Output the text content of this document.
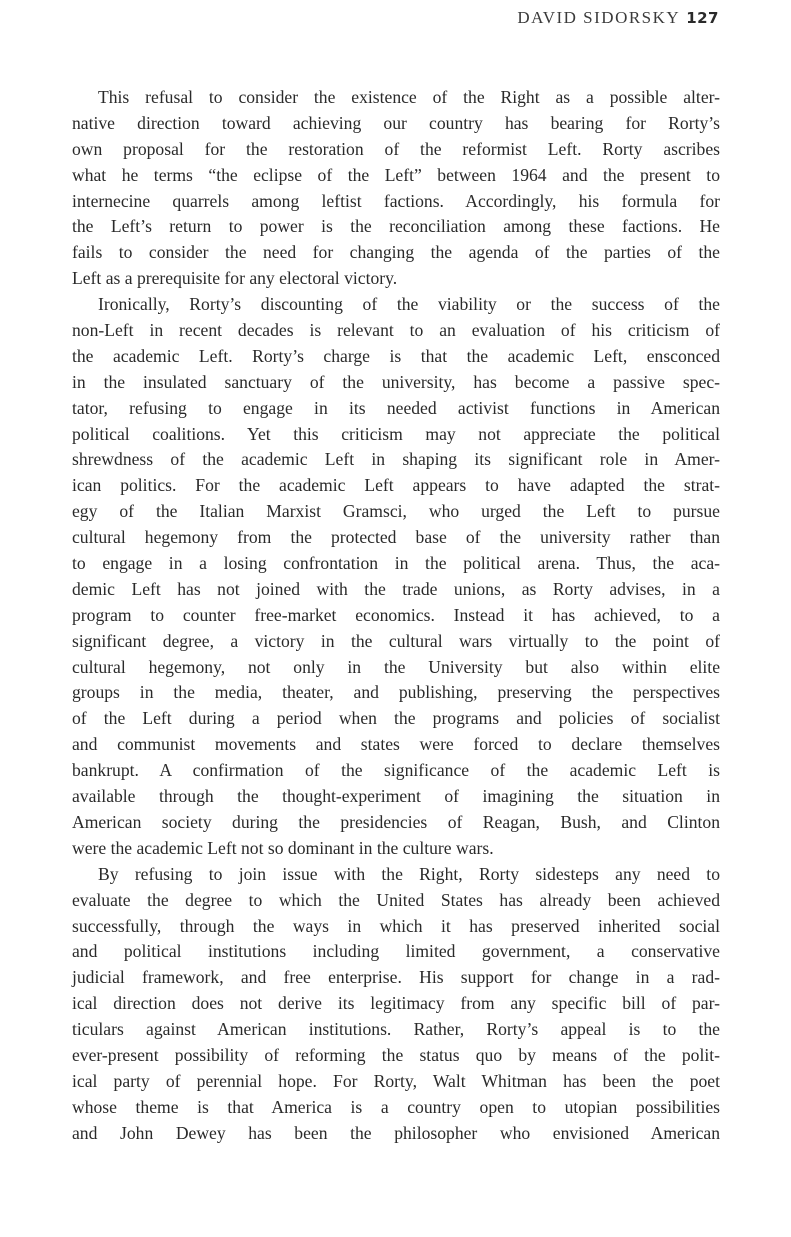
DAVID SIDORSKY 127
This refusal to consider the existence of the Right as a possible alter-
native direction toward achieving our country has bearing for Rorty’s
own proposal for the restoration of the reformist Left. Rorty ascribes
what he terms “the eclipse of the Left” between 1964 and the present to
internecine quarrels among leftist factions. Accordingly, his formula for
the Left’s return to power is the reconciliation among these factions. He
fails to consider the need for changing the agenda of the parties of the
Left as a prerequisite for any electoral victory.
Ironically, Rorty’s discounting of the viability or the success of the
non-Left in recent decades is relevant to an evaluation of his criticism of
the academic Left. Rorty’s charge is that the academic Left, ensconced
in the insulated sanctuary of the university, has become a passive spec-
tator, refusing to engage in its needed activist functions in American
political coalitions. Yet this criticism may not appreciate the political
shrewdness of the academic Left in shaping its significant role in Amer-
ican politics. For the academic Left appears to have adapted the strat-
egy of the Italian Marxist Gramsci, who urged the Left to pursue
cultural hegemony from the protected base of the university rather than
to engage in a losing confrontation in the political arena. Thus, the aca-
demic Left has not joined with the trade unions, as Rorty advises, in a
program to counter free-market economics. Instead it has achieved, to a
significant degree, a victory in the cultural wars virtually to the point of
cultural hegemony, not only in the University but also within elite
groups in the media, theater, and publishing, preserving the perspectives
of the Left during a period when the programs and policies of socialist
and communist movements and states were forced to declare themselves
bankrupt. A confirmation of the significance of the academic Left is
available through the thought-experiment of imagining the situation in
American society during the presidencies of Reagan, Bush, and Clinton
were the academic Left not so dominant in the culture wars.
By refusing to join issue with the Right, Rorty sidesteps any need to
evaluate the degree to which the United States has already been achieved
successfully, through the ways in which it has preserved inherited social
and political institutions including limited government, a conservative
judicial framework, and free enterprise. His support for change in a rad-
ical direction does not derive its legitimacy from any specific bill of par-
ticulars against American institutions. Rather, Rorty’s appeal is to the
ever-present possibility of reforming the status quo by means of the polit-
ical party of perennial hope. For Rorty, Walt Whitman has been the poet
whose theme is that America is a country open to utopian possibilities
and John Dewey has been the philosopher who envisioned American
